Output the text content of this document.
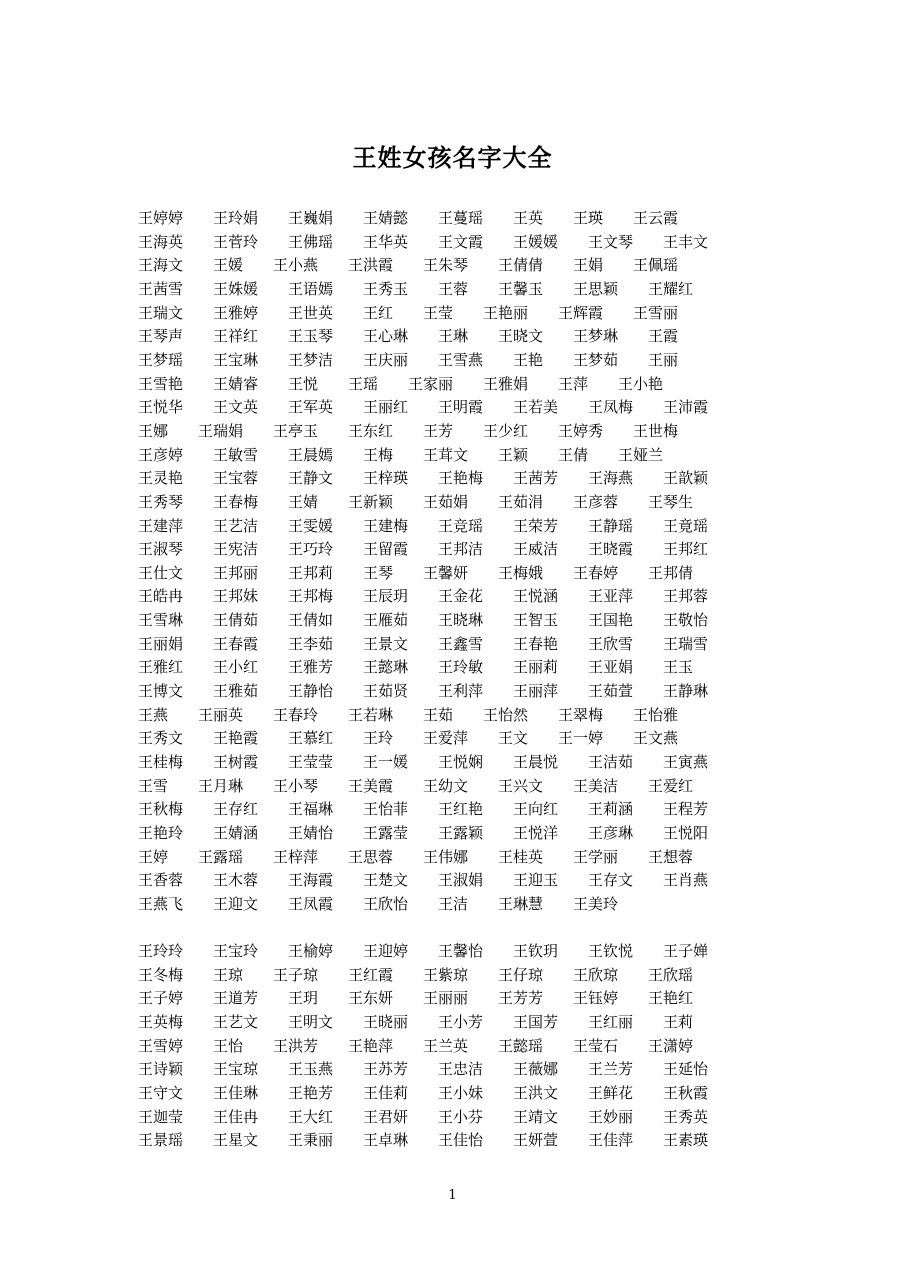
王姓女孩名字大全
王婷婷　　王玲娟　　王巍娟　　王婧懿　　王蔓瑶　　王英　　王瑛　　王云霞
王海英　　王菅玲　　王佛瑶　　王华英　　王文霞　　王媛媛　　王文琴　　王丰文
王海文　　王媛　　王小燕　　王洪霞　　王朱琴　　王倩倩　　王娟　　王佩瑶
王茜雪　　王姝媛　　王语嫣　　王秀玉　　王蓉　　王馨玉　　王思颖　　王耀红
王瑞文　　王雅婷　　王世英　　王红　　王莹　　王艳丽　　王辉霞　　王雪丽
王琴声　　王祥红　　王玉琴　　王心琳　　王琳　　王晓文　　王梦琳　　王霞
王梦瑶　　王宝琳　　王梦洁　　王庆丽　　王雪燕　　王艳　　王梦茹　　王丽
王雪艳　　王婧睿　　王悦　　王瑶　　王家丽　　王雅娟　　王萍　　王小艳
王悦华　　王文英　　王军英　　王丽红　　王明霞　　王若美　　王凤梅　　王沛霞
王娜　　王瑞娟　　王亭玉　　王东红　　王芳　　王少红　　王婷秀　　王世梅
王彦婷　　王敏雪　　王晨嫣　　王梅　　王茸文　　王颖　　王倩　　王娅兰
王灵艳　　王宝蓉　　王静文　　王梓瑛　　王艳梅　　王茜芳　　王海燕　　王歆颖
王秀琴　　王春梅　　王婧　　王新颖　　王茹娟　　王茹涓　　王彦蓉　　王琴生
王建萍　　王艺洁　　王雯媛　　王建梅　　王竞瑶　　王荣芳　　王静瑶　　王竟瑶
王淑琴　　王宪洁　　王巧玲　　王留霞　　王邦洁　　王威洁　　王晓霞　　王邦红
王仕文　　王邦丽　　王邦莉　　王琴　　王馨妍　　王梅娥　　王春婷　　王邦倩
王皓冉　　王邦妹　　王邦梅　　王辰玥　　王金花　　王悦涵　　王亚萍　　王邦蓉
王雪琳　　王倩茹　　王倩如　　王雁茹　　王晓琳　　王智玉　　王国艳　　王敬怡
王丽娟　　王春霞　　王李茹　　王景文　　王鑫雪　　王春艳　　王欣雪　　王瑞雪
王雅红　　王小红　　王雅芳　　王懿琳　　王玲敏　　王丽莉　　王亚娟　　王玉
王博文　　王雅茹　　王静怡　　王茹贤　　王利萍　　王丽萍　　王茹萱　　王静琳
王燕　　王丽英　　王春玲　　王若琳　　王茹　　王怡然　　王翠梅　　王怡雅
王秀文　　王艳霞　　王慕红　　王玲　　王爱萍　　王文　　王一婷　　王文燕
王桂梅　　王树霞　　王莹莹　　王一媛　　王悦娴　　王晨悦　　王洁茹　　王寅燕
王雪　　王月琳　　王小琴　　王美霞　　王幼文　　王兴文　　王美洁　　王爱红
王秋梅　　王存红　　王福琳　　王怡菲　　王红艳　　王向红　　王莉涵　　王程芳
王艳玲　　王婧涵　　王婧怡　　王露莹　　王露颖　　王悦洋　　王彦琳　　王悦阳
王婷　　王露瑶　　王梓萍　　王思蓉　　王伟娜　　王桂英　　王学丽　　王想蓉
王香蓉　　王木蓉　　王海霞　　王楚文　　王淑娟　　王迎玉　　王存文　　王肖燕
王燕飞　　王迎文　　王凤霞　　王欣怡　　王洁　　王琳慧　　王美玲
王玲玲　　王宝玲　　王榆婷　　王迎婷　　王馨怡　　王钦玥　　王钦悦　　王子婵
王冬梅　　王琼　　王子琼　　王红霞　　王紫琼　　王仔琼　　王欣琼　　王欣瑶
王子婷　　王道芳　　王玥　　王东妍　　王丽丽　　王芳芳　　王钰婷　　王艳红
王英梅　　王艺文　　王明文　　王晓丽　　王小芳　　王国芳　　王红丽　　王莉
王雪婷　　王怡　　王洪芳　　王艳萍　　王兰英　　王懿瑶　　王莹石　　王潇婷
王诗颖　　王宝琼　　王玉燕　　王苏芳　　王忠洁　　王薇娜　　王兰芳　　王延怡
王守文　　王佳琳　　王艳芳　　王佳莉　　王小妹　　王洪文　　王鲜花　　王秋霞
王迦莹　　王佳冉　　王大红　　王君妍　　王小芬　　王靖文　　王妙丽　　王秀英
王景瑶　　王星文　　王秉丽　　王卓琳　　王佳怡　　王妍萱　　王佳萍　　王素瑛
1
